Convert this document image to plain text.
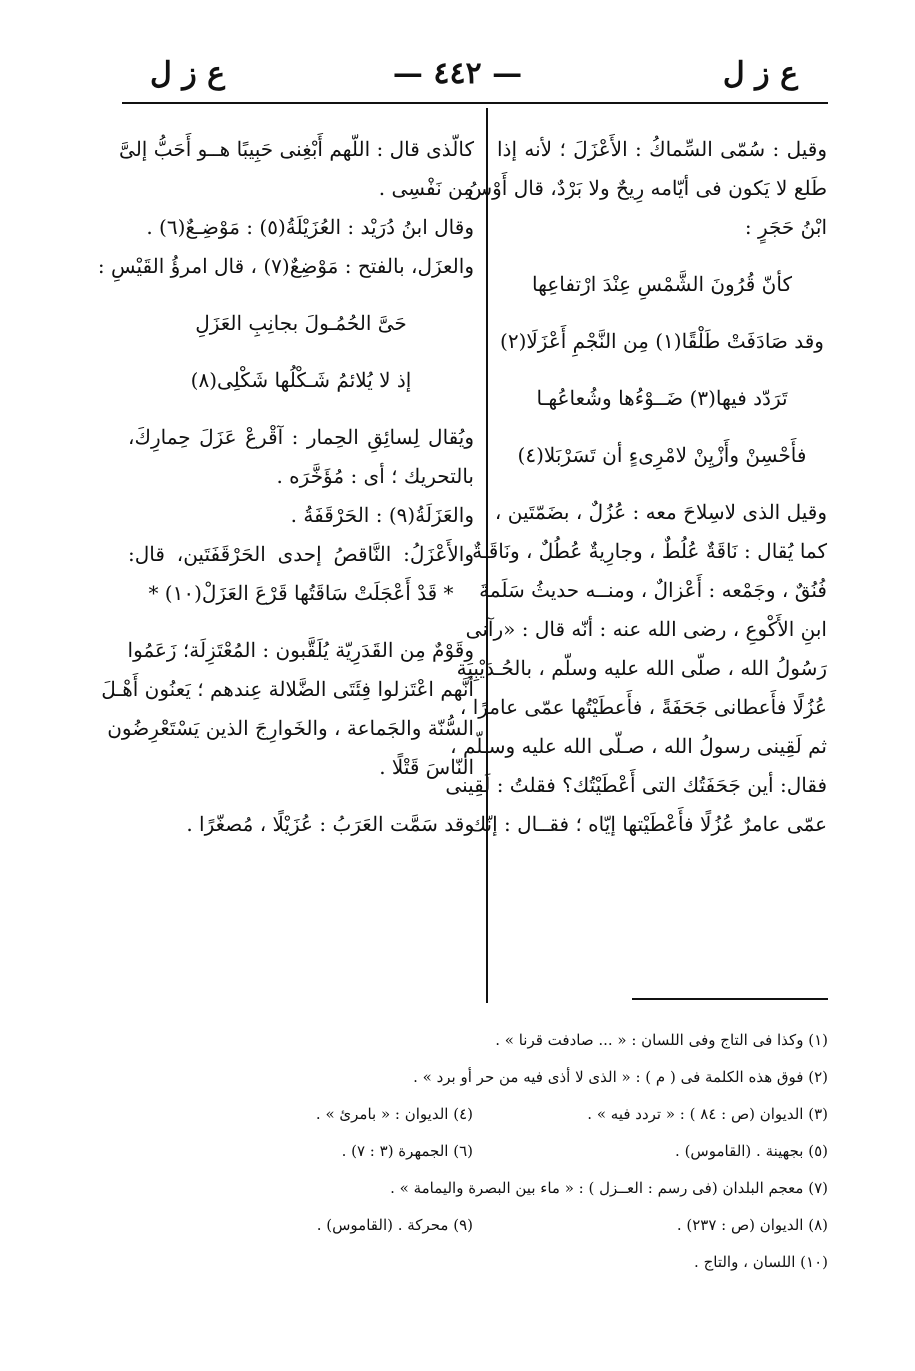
ع ز ل
— ٤٤٢ —
ع ز ل
وقيل : سُمّى السِّماكُ : الأَعْزَلَ ؛ لأنه إذا
طَلع لا يَكون فى أيّامه رِيحٌ ولا بَرْدٌ، قال أَوْسُ
ابْنُ حَجَرٍ :
كأنّ قُرُونَ الشَّمْسِ عِنْدَ ارْتفاعِها
وقد صَادَفَتْ طَلْقًا(١) مِن النَّجْمِ أَعْزَلَا(٢)
تَرَدّد فيها(٣) ضَــوْءُها وشُعاعُهـا
فأَحْسِنْ وأَزْيِنْ لامْرِىءٍ أن تَسَرْبَلا(٤)
وقيل الذى لاسِلاحَ معه : عُزُلٌ ، بضَمّتَين ،
كما يُقال : نَاقَةٌ عُلُطٌ ، وجارِيةٌ عُطُلٌ ، ونَاقَـةٌ
فُنُقٌ ، وجَمْعه : أَعْزالٌ ، ومنــه حديثُ سَلَمةَ
ابنِ الأَكْوعِ ، رضى الله عنه : أنّه قال : «رآنى
رَسُولُ الله ، صلّى الله عليه وسلّم ، بالحُـدَيْبِيَة
عُزُلًا فأَعطانى جَحَفَةً ، فأَعطَيْتُها عمّى عامرًا ،
ثم لَقِينى رسولُ الله ، صـلّى الله عليه وسـلّم ،
فقال: أين جَحَفَتُك التى أَعْطَيْتُك؟ فقلتُ : لَقِينى
عمّى عامرٌ عُزُلًا فأَعْطَيْتها إيّاه ؛ فقــال : إنّك
كالّذى قال : اللّهم أَبْغِنى حَبِيبًا هــو أَحَبُّ إلىَّ
مِن نَفْسِى .
وقال ابنُ دُرَيْد : العُزَيْلَةُ(٥) : مَوْضِـعٌ(٦) .
والعزَل، بالفتح : مَوْضِعٌ(٧) ، قال امرؤُ القَيْسِ :
حَىَّ الحُمُـولَ بجانِبِ العَزَلِ
إذ لا يُلائمُ شَـكْلُها شَكْلِى(٨)
ويُقال لِسائِقِ الحِمار : آقْرعْ عَزَلَ حِمارِكَ،
بالتحريك ؛ أى : مُؤَخَّرَه .
والعَزَلَةُ(٩) : الحَرْقَفَةُ .
والأَعْزَلُ: النَّاقصُ إحدى الحَرْقَفَتَين، قال:
* قَدْ أَعْجَلَتْ سَاقَتُها قَرْعَ العَزَلْ(١٠) *
وقَوْمٌ مِن القَدَرِيّة يُلَقَّبون : المُعْتَزِلَة؛ زَعَمُوا
أَنَّهم اعْتَزلوا فِئَتَى الضَّلالة عِندهم ؛ يَعنُون أَهْـلَ
السُّنّة والجَماعة ، والخَوارِجَ الذين يَسْتَعْرِضُون
النّاسَ قَتْلًا .
وقد سَمَّت العَرَبُ : عُزَيْلًا ، مُصغّرًا .
(١) وكذا فى التاج وفى اللسان : « ... صادفت قرنا » .
(٢) فوق هذه الكلمة فى ( م ) : « الذى لا أذى فيه من حر أو برد » .
(٣) الديوان (ص : ٨٤ ) : « تردد فيه » .
(٤) الديوان : « بامرئ » .
(٥) بجهينة . (القاموس) .
(٦) الجمهرة (٣ : ٧) .
(٧) معجم البلدان (فى رسم : العــزل ) : « ماء بين البصرة واليمامة » .
(٨) الديوان (ص : ٢٣٧) .
(٩) محركة . (القاموس) .
(١٠) اللسان ، والتاج .
